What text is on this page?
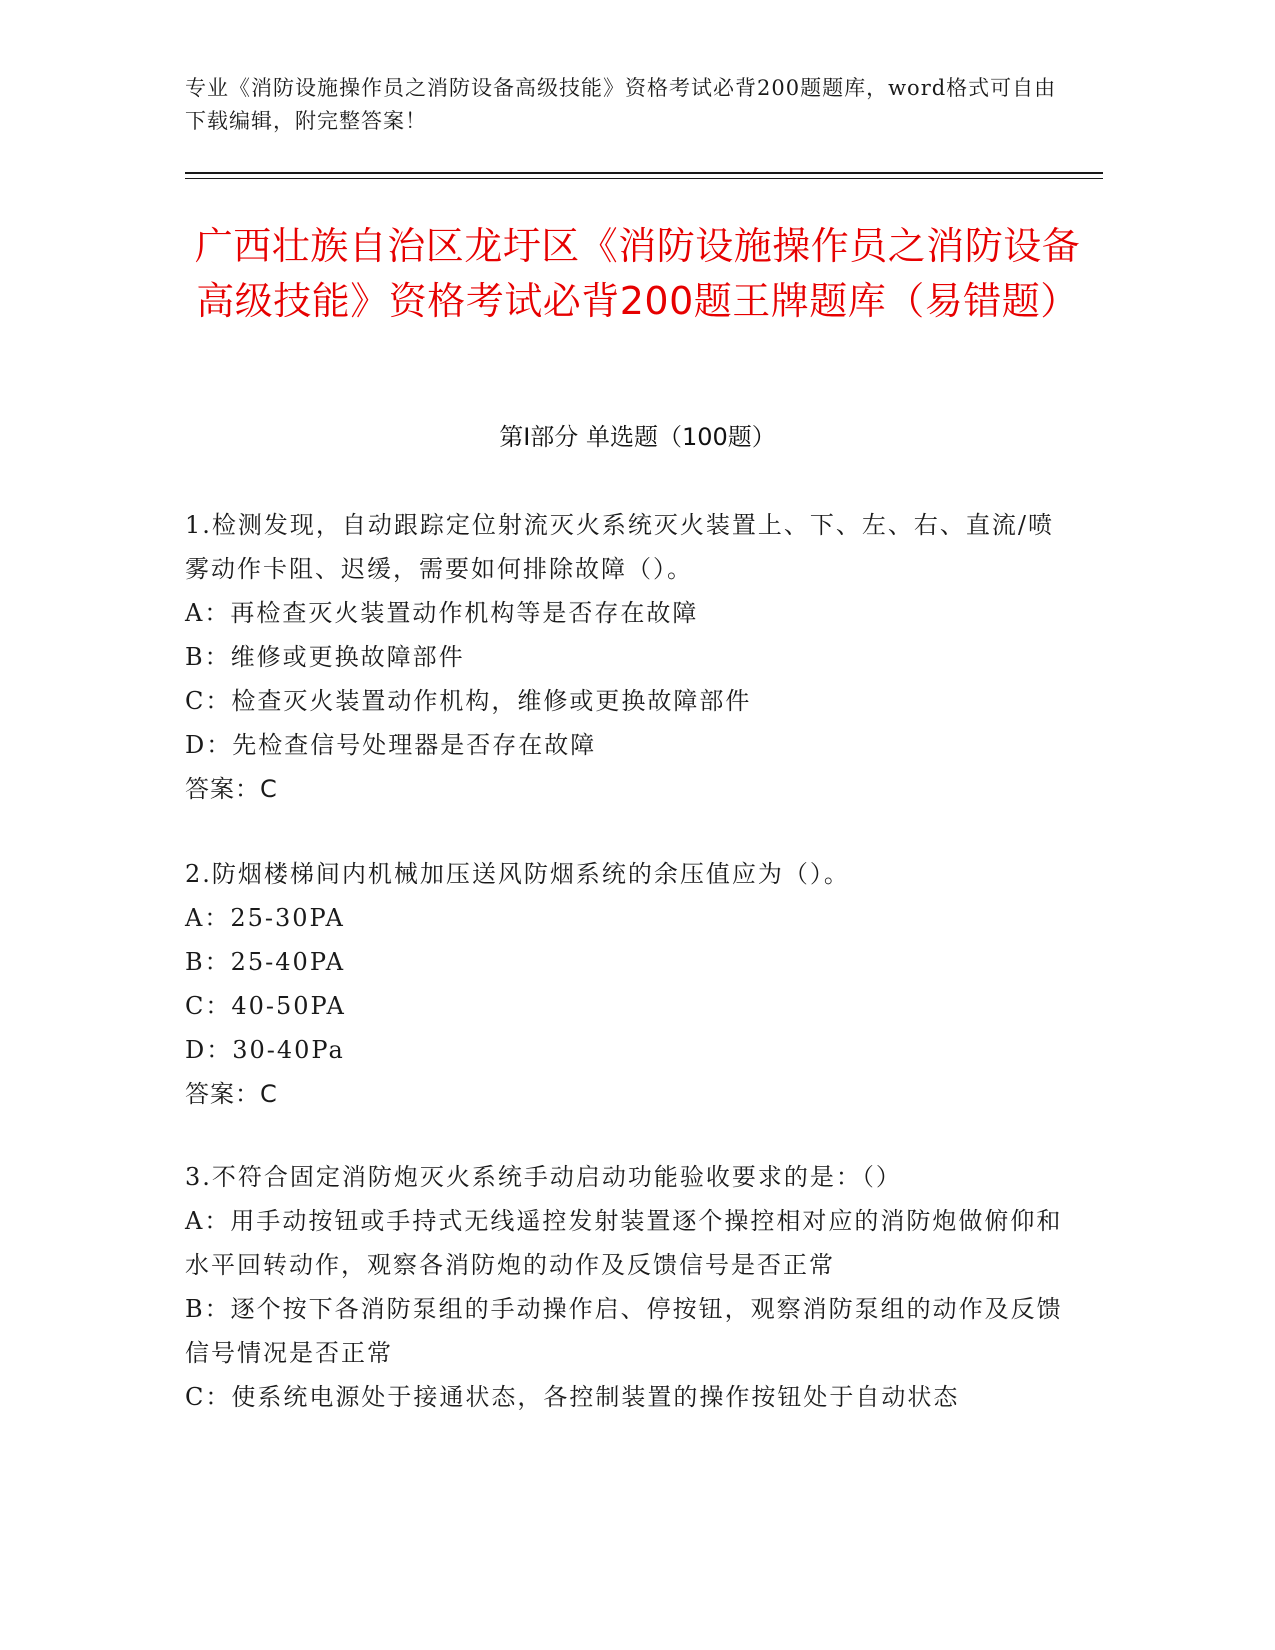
专业《消防设施操作员之消防设备高级技能》资格考试必背200题题库，word格式可自由下载编辑，附完整答案！
广西壮族自治区龙圩区《消防设施操作员之消防设备高级技能》资格考试必背200题王牌题库（易错题）
第Ⅰ部分 单选题（100题）

1.检测发现，自动跟踪定位射流灭火系统灭火装置上、下、左、右、直流/喷雾动作卡阻、迟缓，需要如何排除故障（）。

A：再检查灭火装置动作机构等是否存在故障

B：维修或更换故障部件

C：检查灭火装置动作机构，维修或更换故障部件

D：先检查信号处理器是否存在故障

答案：C

2.防烟楼梯间内机械加压送风防烟系统的余压值应为（）。

A：25-30PA

B：25-40PA

C：40-50PA

D：30-40Pa

答案：C

3.不符合固定消防炮灭火系统手动启动功能验收要求的是：（）

A：用手动按钮或手持式无线遥控发射装置逐个操控相对应的消防炮做俯仰和水平回转动作，观察各消防炮的动作及反馈信号是否正常

B：逐个按下各消防泵组的手动操作启、停按钮，观察消防泵组的动作及反馈信号情况是否正常

C：使系统电源处于接通状态，各控制装置的操作按钮处于自动状态
